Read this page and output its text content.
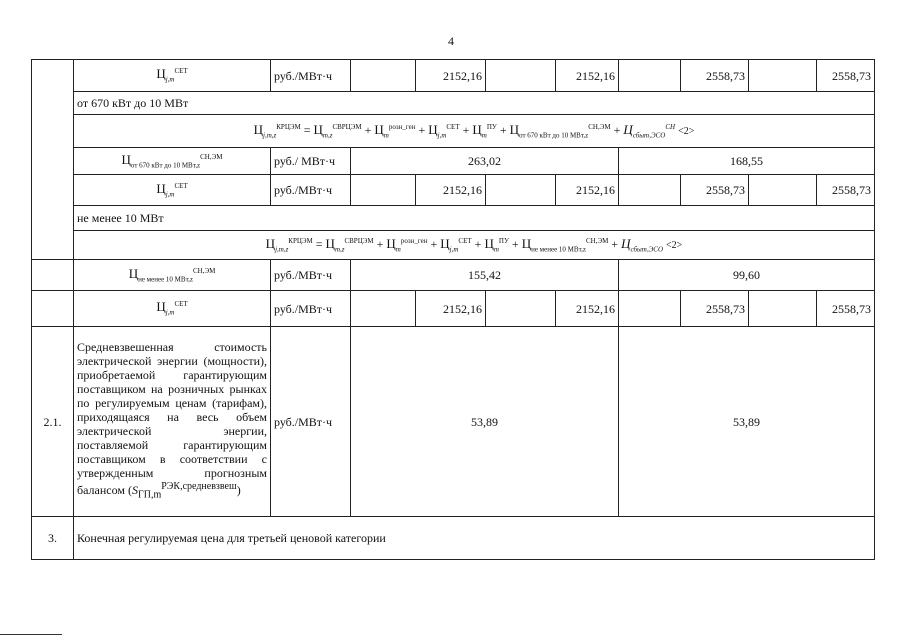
4
	$Ц_{j,m}^{СЕТ}$	руб./МВт·ч		2152,16		2152,16		2558,73		2558,73
	от 670 кВт до 10 МВт									
	$Ц_{j,m,z}^{КРЦЭМ} = Ц_{m,z}^{СВРЦЭМ} + Ц_m^{розн\_ген} + Ц_{j,m}^{СЕТ} + Ц_m^{ПУ} + Ц_{от 670 кВт до 10 МВт,z}^{СН,ЭМ} + Ц_{сбыт,ЭСО}^{СН} <2>$									
	$Ц_{от 670 кВт до 10 МВт,z}^{СН,ЭМ}$	руб./ МВт·ч	263,02				168,55			
	$Ц_{j,m}^{СЕТ}$	руб./МВт·ч		2152,16		2152,16		2558,73		2558,73
	не менее 10 МВт									
	$Ц_{j,m,z}^{КРЦЭМ} = Ц_{m,z}^{СВРЦЭМ} + Ц_m^{розн\_ген} + Ц_{j,m}^{СЕТ} + Ц_m^{ПУ} + Ц_{не менее 10 МВт,z}^{СН,ЭМ} + Ц_{сбыт,ЭСО} <2>$									
	$Ц_{не менее 10 МВт,z}^{СН,ЭМ}$	руб./МВт·ч	155,42				99,60			
	$Ц_{j,m}^{СЕТ}$	руб./МВт·ч		2152,16		2152,16		2558,73		2558,73
2.1.	Средневзвешенная стоимость электрической энергии (мощности), приобретаемой гарантирующим поставщиком на розничных рынках по регулируемым ценам (тарифам), приходящаяся на весь объем электрической энергии, поставляемой гарантирующим поставщиком в соответствии с утвержденным прогнозным балансом $(S_{ГП,m}^{РЭК,средневзвеш})$	руб./МВт·ч	53,89				53,89			
3.	Конечная регулируемая цена для третьей ценовой категории									
